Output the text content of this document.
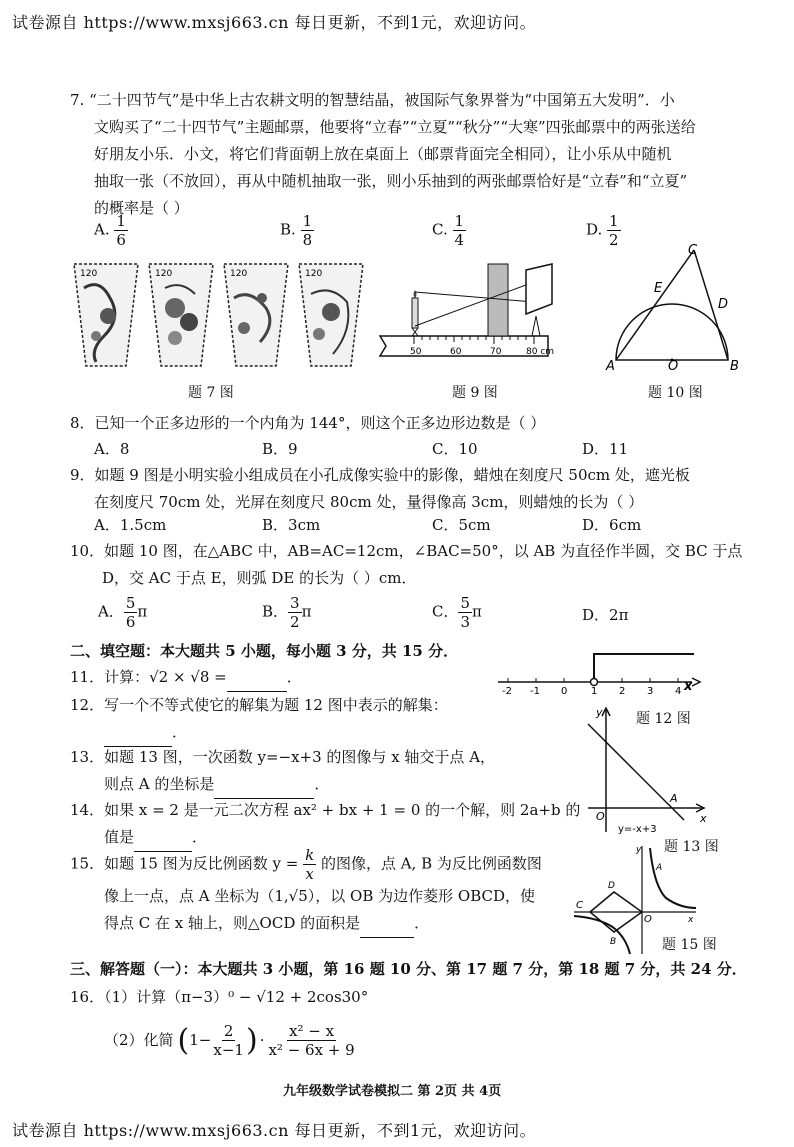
试卷源自 https://www.mxsj663.cn 每日更新，不到1元，欢迎访问。
7. “二十四节气”是中华上古农耕文明的智慧结晶，被国际气象界誉为“中国第五大发明”．小
文购买了“二十四节气”主题邮票，他要将“立春”“立夏”“秋分”“大寒”四张邮票中的两张送给
好朋友小乐．小文，将它们背面朝上放在桌面上（邮票背面完全相同），让小乐从中随机
抽取一张（不放回），再从中随机抽取一张，则小乐抽到的两张邮票恰好是“立春”和“立夏”
的概率是（ ）
A. $\frac{1}{6}$	B. $\frac{1}{8}$	C. $\frac{1}{4}$	D. $\frac{1}{2}$
120	120	120	120
50	60	70	80 cm
C
E
D
A	O	B
题 7 图	题 9 图	题 10 图
8．已知一个正多边形的一个内角为 144°，则这个正多边形边数是（ ）
A．8	B．9	C．10	D．11
9．如题 9 图是小明实验小组成员在小孔成像实验中的影像，蜡烛在刻度尺 50cm 处，遮光板
在刻度尺 70cm 处，光屏在刻度尺 80cm 处，量得像高 3cm，则蜡烛的长为（ ）
A．1.5cm	B．3cm	C．5cm	D．6cm
10．如题 10 图，在△ABC 中，AB=AC=12cm，∠BAC=50°，以 AB 为直径作半圆，交 BC 于点
D，交 AC 于点 E，则弧 DE 的长为（ ）cm．
A． $\frac{5}{6}$ π	B． $\frac{3}{2}$ π	C． $\frac{5}{3}$ π	D．2π
二、填空题：本大题共 5 小题，每小题 3 分，共 15 分．
11．计算：√2 × √8 =	．
-2 -1 0 1 2 3 4 x
题 12 图
12．写一个不等式使它的解集为题 12 图中表示的解集：
．
13．如题 13 图，一次函数 y=−x+3 的图像与 x 轴交于点 A，
则点 A 的坐标是	．
y
x
O
A
y=-x+3
题 13 图
14．如果 x = 2 是一元二次方程 ax² + bx + 1 = 0 的一个解，则 2a+b 的
值是	．
15．如题 15 图为反比例函数 $y = \frac{k}{x}$ 的图像，点 A, B 为反比例函数图
像上一点，点 A 坐标为（1,√5），以 OB 为边作菱形 OBCD，使
得点 C 在 x 轴上，则△OCD 的面积是	．
y
A
D
C
O
B
x
题 15 图
三、解答题（一）：本大题共 3 小题，第 16 题 10 分、第 17 题 7 分，第 18 题 7 分，共 24 分．
16．（1）计算（π−3）⁰ − √12 + 2cos30°
（2）化简 ( $1- \frac{2}{x-1}$ ) · $\frac{\text{x² − x}}{\text{x² − 6x + 9}}$
九年级数学试卷模拟二 第 2页 共 4页
试卷源自 https://www.mxsj663.cn 每日更新，不到1元，欢迎访问。
